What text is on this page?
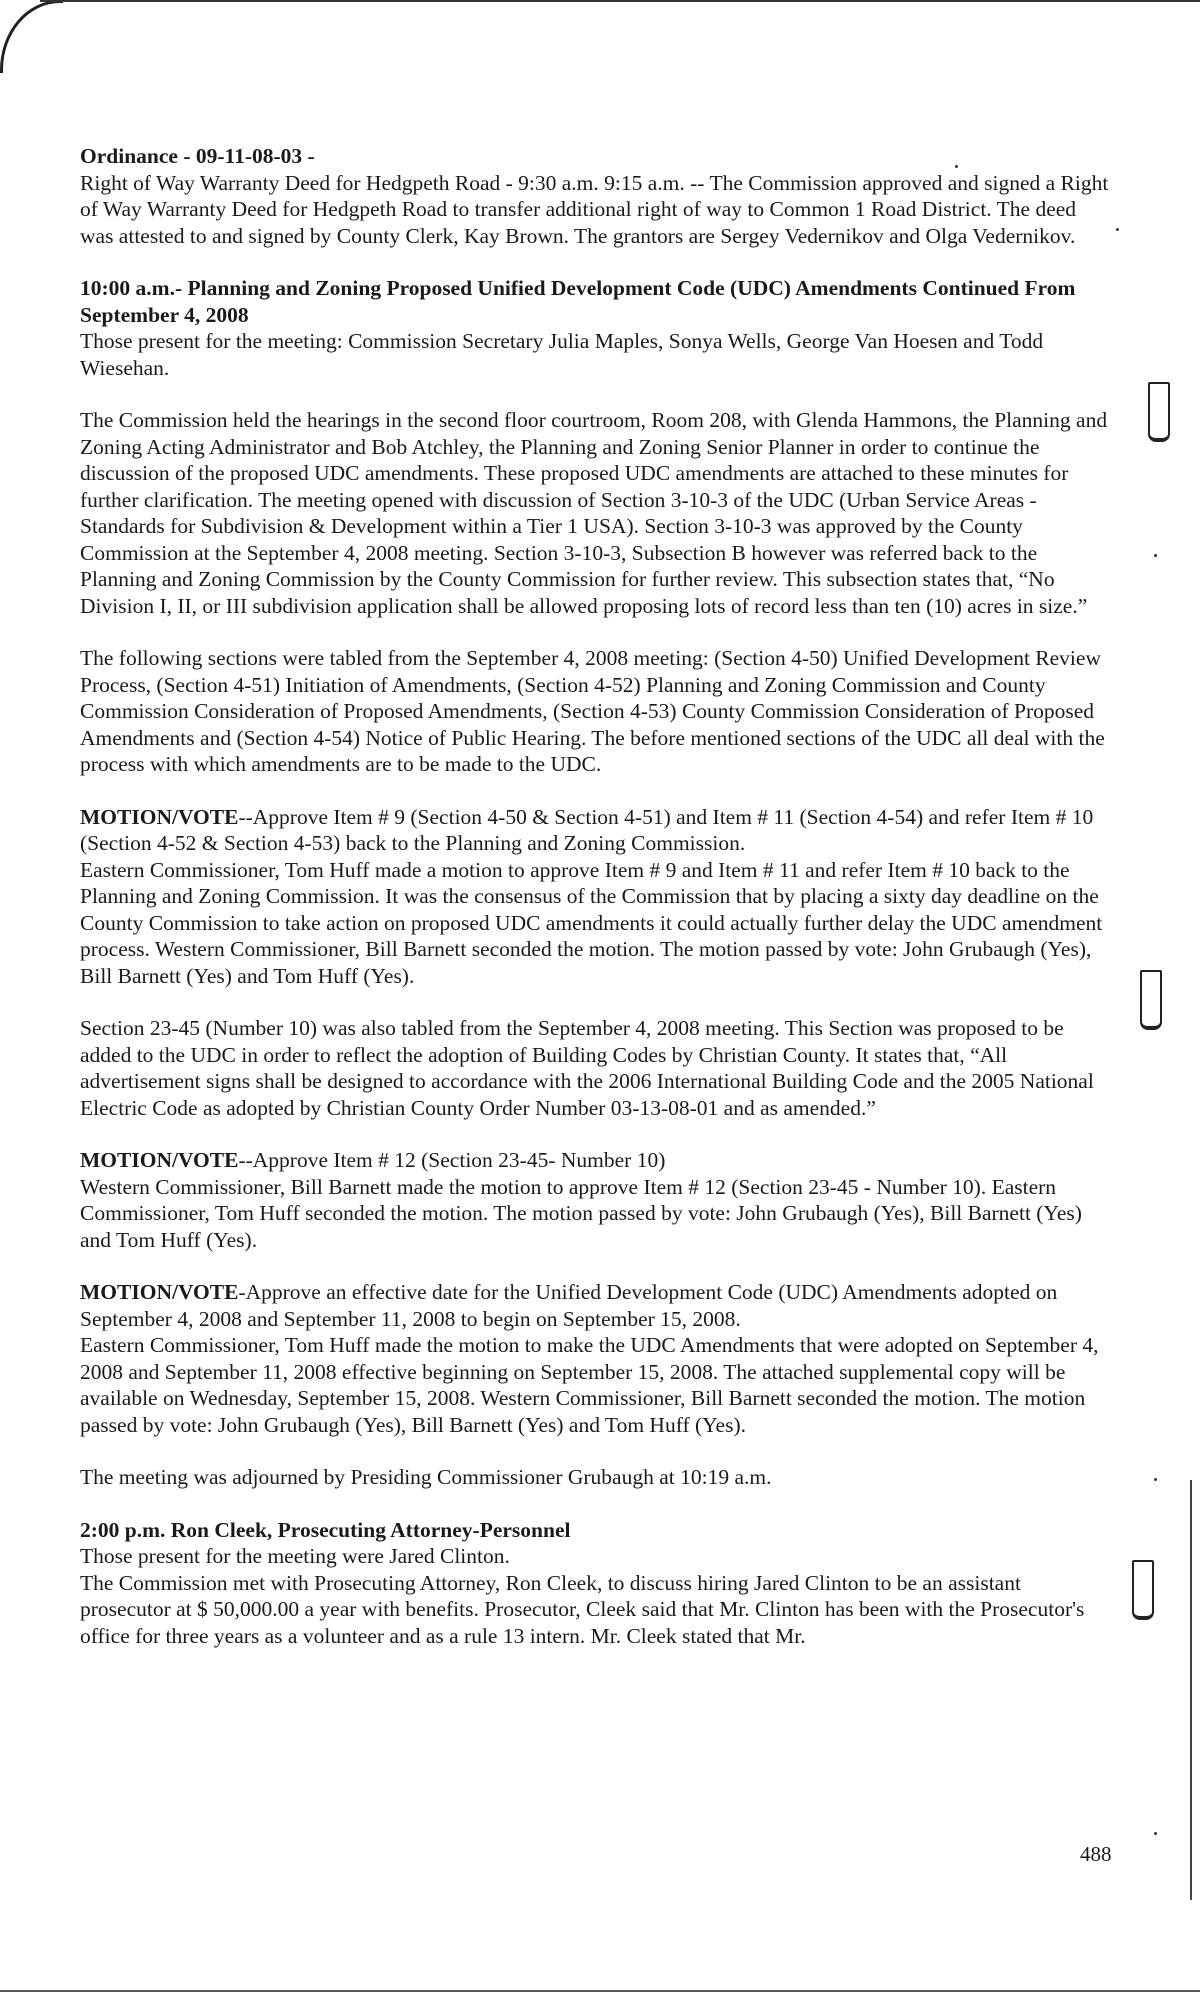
Ordinance - 09-11-08-03 -

Right of Way Warranty Deed for Hedgpeth Road - 9:30 a.m. 9:15 a.m. -- The Commission approved and signed a Right of Way Warranty Deed for Hedgpeth Road to transfer additional right of way to Common 1 Road District. The deed was attested to and signed by County Clerk, Kay Brown. The grantors are Sergey Vedernikov and Olga Vedernikov.

10:00 a.m.- Planning and Zoning Proposed Unified Development Code (UDC) Amendments Continued From September 4, 2008

Those present for the meeting: Commission Secretary Julia Maples, Sonya Wells, George Van Hoesen and Todd Wiesehan.

The Commission held the hearings in the second floor courtroom, Room 208, with Glenda Hammons, the Planning and Zoning Acting Administrator and Bob Atchley, the Planning and Zoning Senior Planner in order to continue the discussion of the proposed UDC amendments. These proposed UDC amendments are attached to these minutes for further clarification. The meeting opened with discussion of Section 3-10-3 of the UDC (Urban Service Areas - Standards for Subdivision & Development within a Tier 1 USA). Section 3-10-3 was approved by the County Commission at the September 4, 2008 meeting. Section 3-10-3, Subsection B however was referred back to the Planning and Zoning Commission by the County Commission for further review. This subsection states that, “No Division I, II, or III subdivision application shall be allowed proposing lots of record less than ten (10) acres in size.”

The following sections were tabled from the September 4, 2008 meeting: (Section 4-50) Unified Development Review Process, (Section 4-51) Initiation of Amendments, (Section 4-52) Planning and Zoning Commission and County Commission Consideration of Proposed Amendments, (Section 4-53) County Commission Consideration of Proposed Amendments and (Section 4-54) Notice of Public Hearing. The before mentioned sections of the UDC all deal with the process with which amendments are to be made to the UDC.

MOTION/VOTE--Approve Item # 9 (Section 4-50 & Section 4-51) and Item # 11 (Section 4-54) and refer Item # 10 (Section 4-52 & Section 4-53) back to the Planning and Zoning Commission.

Eastern Commissioner, Tom Huff made a motion to approve Item # 9 and Item # 11 and refer Item # 10 back to the Planning and Zoning Commission. It was the consensus of the Commission that by placing a sixty day deadline on the County Commission to take action on proposed UDC amendments it could actually further delay the UDC amendment process. Western Commissioner, Bill Barnett seconded the motion. The motion passed by vote: John Grubaugh (Yes), Bill Barnett (Yes) and Tom Huff (Yes).

Section 23-45 (Number 10) was also tabled from the September 4, 2008 meeting. This Section was proposed to be added to the UDC in order to reflect the adoption of Building Codes by Christian County. It states that, “All advertisement signs shall be designed to accordance with the 2006 International Building Code and the 2005 National Electric Code as adopted by Christian County Order Number 03-13-08-01 and as amended.”

MOTION/VOTE--Approve Item # 12 (Section 23-45- Number 10)

Western Commissioner, Bill Barnett made the motion to approve Item # 12 (Section 23-45 - Number 10). Eastern Commissioner, Tom Huff seconded the motion. The motion passed by vote: John Grubaugh (Yes), Bill Barnett (Yes) and Tom Huff (Yes).

MOTION/VOTE-Approve an effective date for the Unified Development Code (UDC) Amendments adopted on September 4, 2008 and September 11, 2008 to begin on September 15, 2008.

Eastern Commissioner, Tom Huff made the motion to make the UDC Amendments that were adopted on September 4, 2008 and September 11, 2008 effective beginning on September 15, 2008. The attached supplemental copy will be available on Wednesday, September 15, 2008. Western Commissioner, Bill Barnett seconded the motion. The motion passed by vote: John Grubaugh (Yes), Bill Barnett (Yes) and Tom Huff (Yes).

The meeting was adjourned by Presiding Commissioner Grubaugh at 10:19 a.m.

2:00 p.m. Ron Cleek, Prosecuting Attorney-Personnel

Those present for the meeting were Jared Clinton.

The Commission met with Prosecuting Attorney, Ron Cleek, to discuss hiring Jared Clinton to be an assistant prosecutor at $ 50,000.00 a year with benefits. Prosecutor, Cleek said that Mr. Clinton has been with the Prosecutor's office for three years as a volunteer and as a rule 13 intern. Mr. Cleek stated that Mr.

488
